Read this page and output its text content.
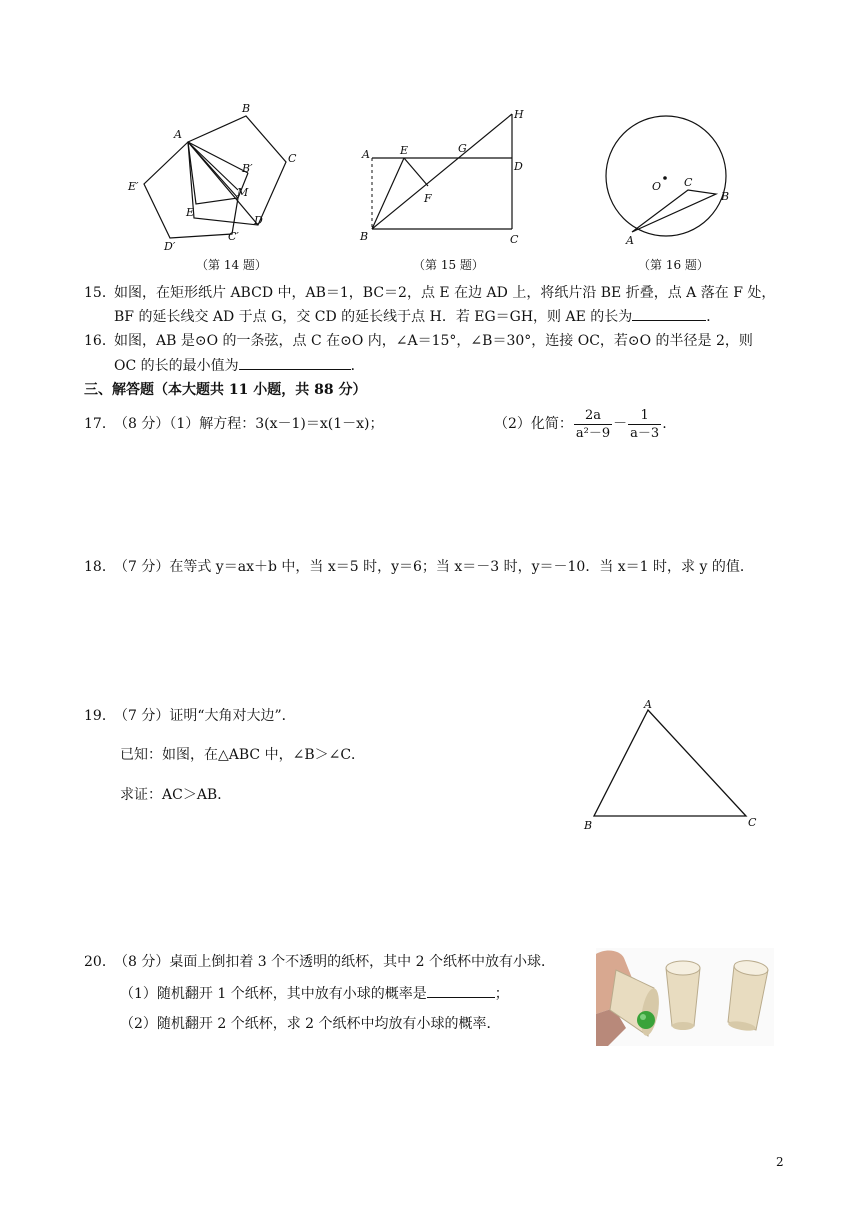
A
B
C
D
E
M
B′
C′
D′
E′
（第 14 题）
A	E	G
H
D
F
B	C
（第 15 题）
O C
B
A
（第 16 题）
15．
如图，在矩形纸片 ABCD 中，AB＝1，BC＝2，点 E 在边 AD 上，将纸片沿 BE 折叠，点 A 落在 F 处，
BF 的延长线交 AD 于点 G，交 CD 的延长线于点 H．若 EG＝GH，则 AE 的长为	．
16．
如图，AB 是⊙O 的一条弦，点 C 在⊙O 内，∠A＝15°，∠B＝30°，连接 OC，若⊙O 的半径是 2，则
OC 的长的最小值为	．
三、解答题（本大题共 11 小题，共 88 分）
17．
（8 分）（1）解方程：3(x－1)＝x(1－x)；	（2）化简： $\frac{2a}{\text{a²－9}} - \frac{1}{a-3}$ .
18．
（7 分）在等式 y＝ax＋b 中，当 x＝5 时，y＝6；当 x＝－3 时，y＝－10．当 x＝1 时，求 y 的值．
19．
（7 分）证明“大角对大边”．
已知：如图，在△ABC 中，∠B＞∠C．
求证：AC＞AB．
A
B	C
20．
（8 分）桌面上倒扣着 3 个不透明的纸杯，其中 2 个纸杯中放有小球．
（1）随机翻开 1 个纸杯，其中放有小球的概率是	；
（2）随机翻开 2 个纸杯，求 2 个纸杯中均放有小球的概率．
2
